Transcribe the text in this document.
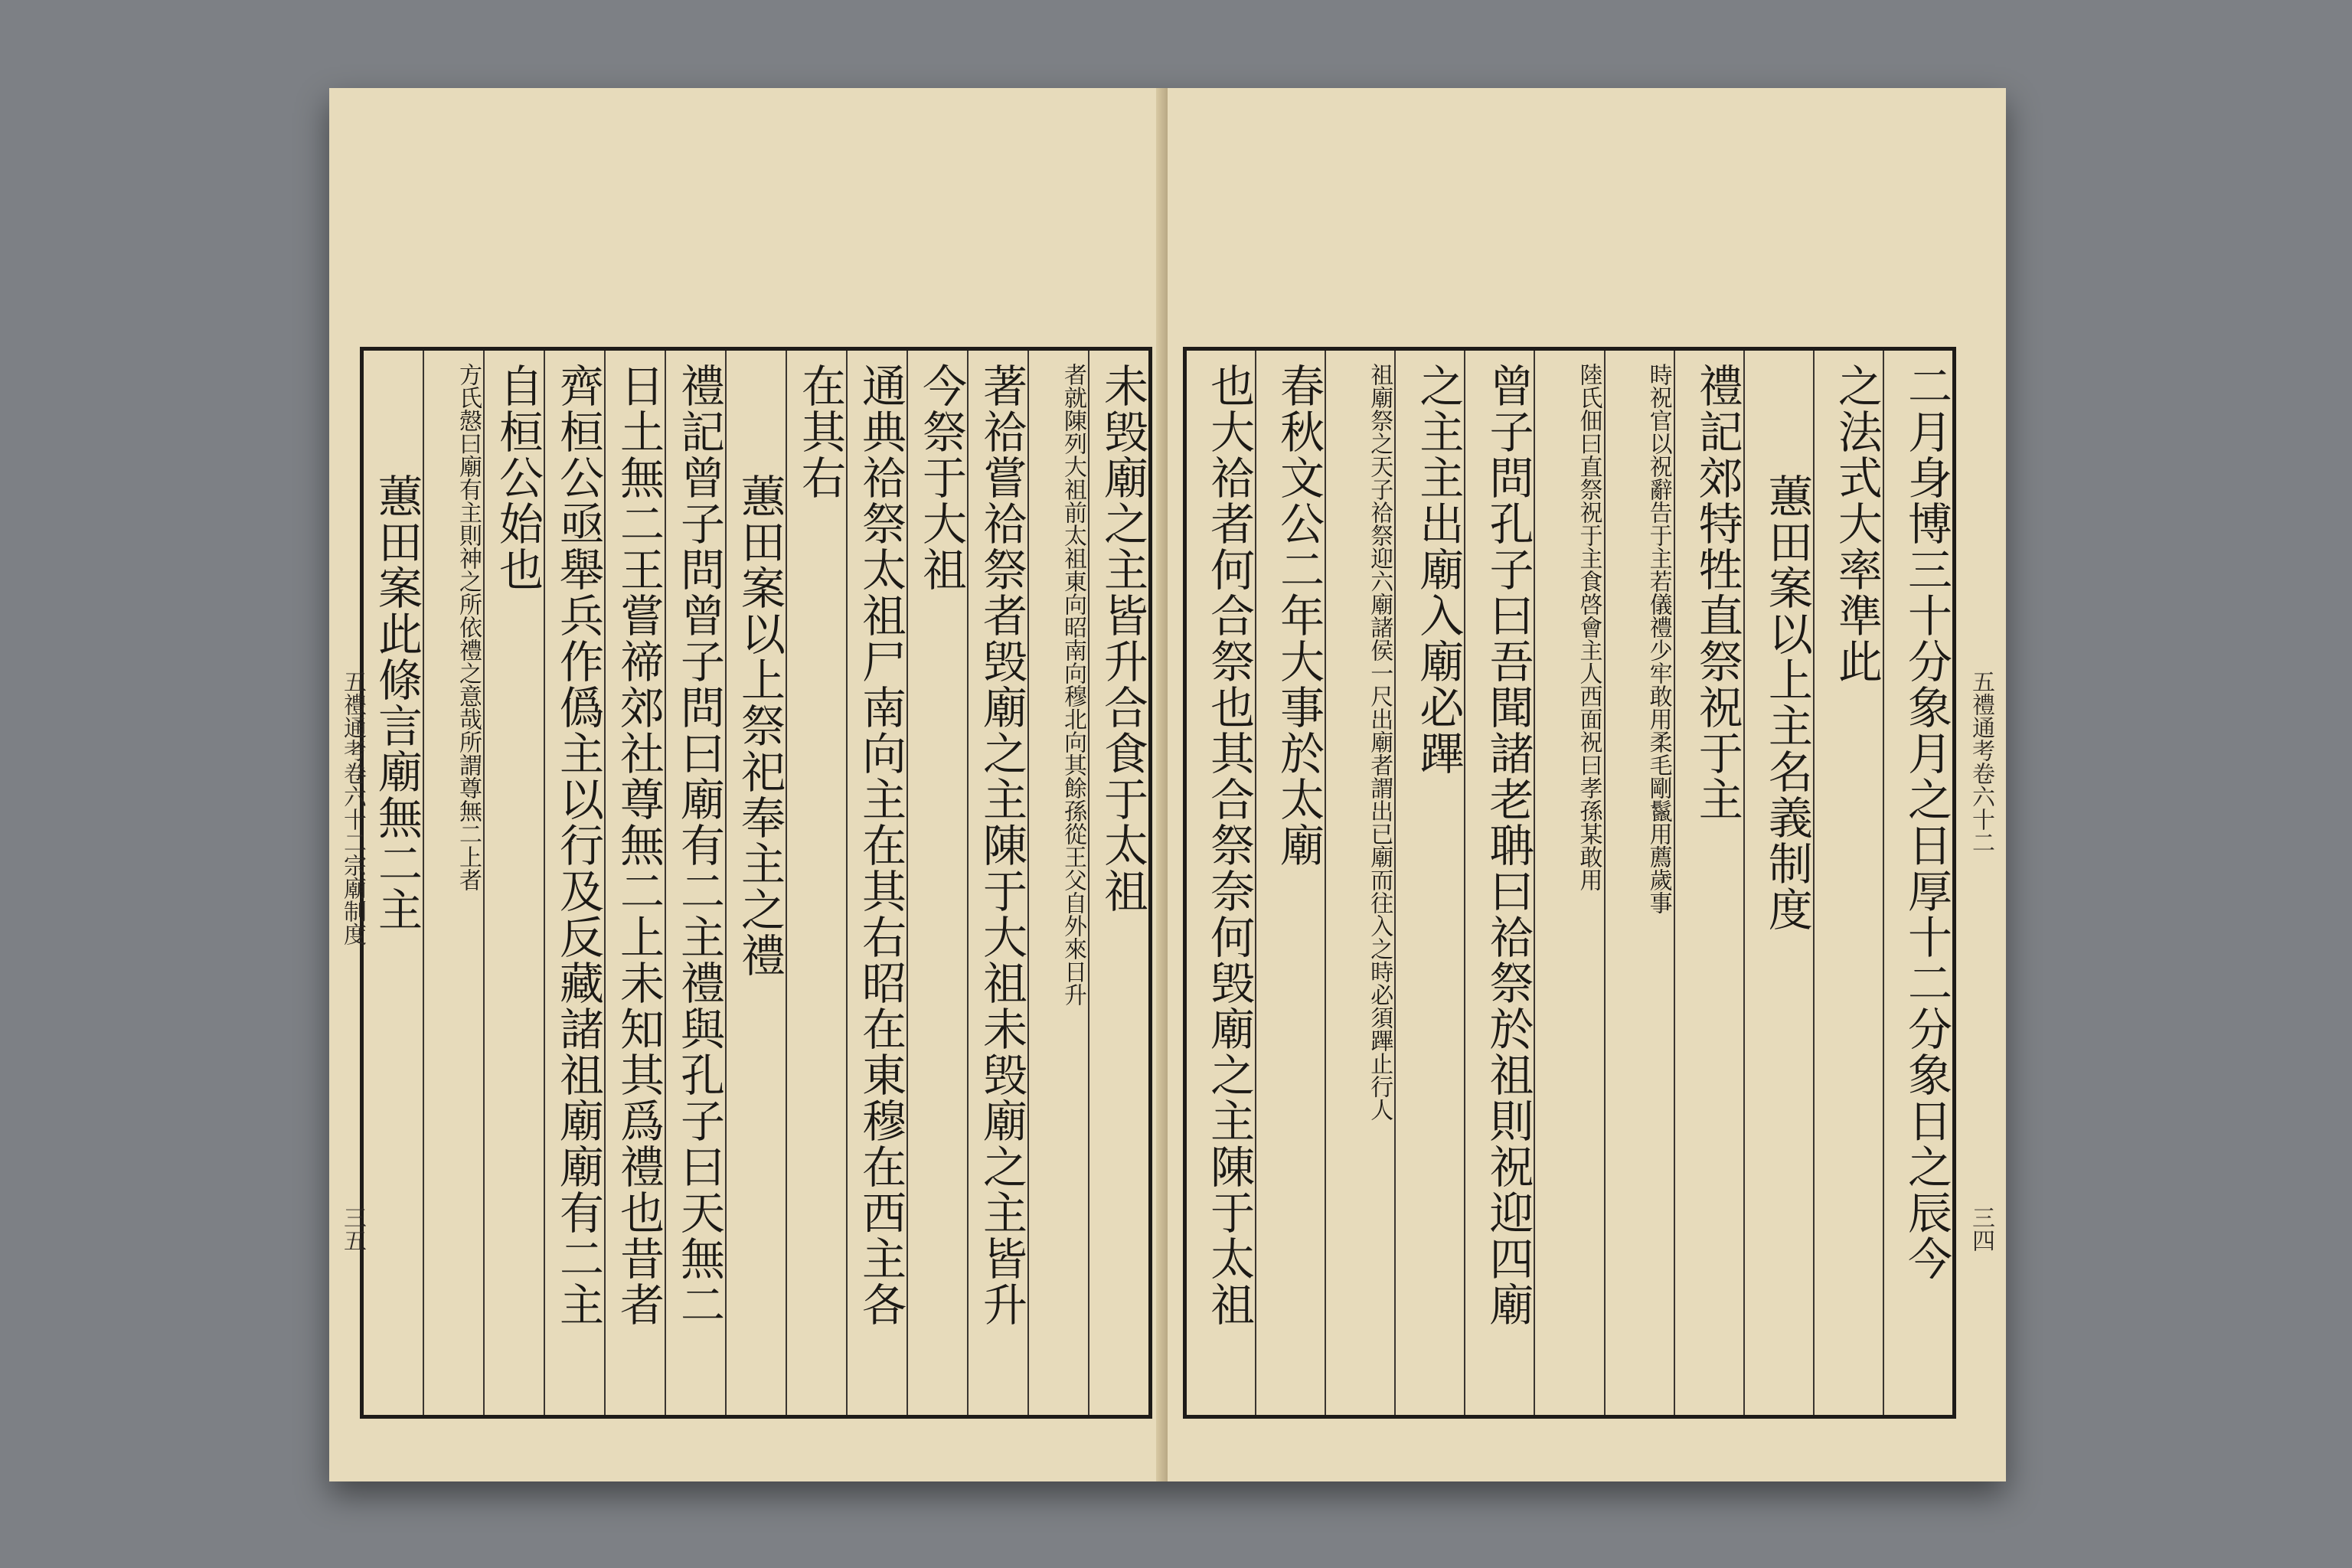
未毁廟之主皆升合食于太祖
者就陳列大祖前太祖東向昭南向穆北向其餘孫從王父自外來日升
著祫嘗祫祭者毁廟之主陳于大祖未毁廟之主皆升
今祭于大祖
通典祫祭太祖尸南向主在其右昭在東穆在西主各
在其右
蕙田案以上祭祀奉主之禮
禮記曾子問曾子問曰廟有二主禮與孔子曰天無二
日土無二王嘗禘郊社尊無二上未知其爲禮也昔者
齊桓公亟舉兵作僞主以行及反藏諸祖廟廟有二主
自桓公始也
方氏慤曰廟有主則神之所依禮之意哉所謂尊無二上者
蕙田案此條言廟無二主
五禮通考卷六十二宗廟制度
三五	二月身博三十分象月之日厚十二分象日之辰今
之法式大率準此
蕙田案以上主名義制度
禮記郊特牲直祭祝于主
時祝官以祝辭告于主若儀禮少牢敢用柔毛剛鬣用薦歲事
陸氏佃曰直祭祝于主食啓會主人西面祝曰孝孫某敢用
曾子問孔子曰吾聞諸老聃曰祫祭於祖則祝迎四廟
之主主出廟入廟必蹕
祖廟祭之天子祫祭迎六廟諸侯一尺出廟者謂出已廟而往入之時必須蹕止行人
春秋文公二年大事於太廟
也大祫者何合祭也其合祭奈何毁廟之主陳于太祖	五禮通考卷六十二
三四
